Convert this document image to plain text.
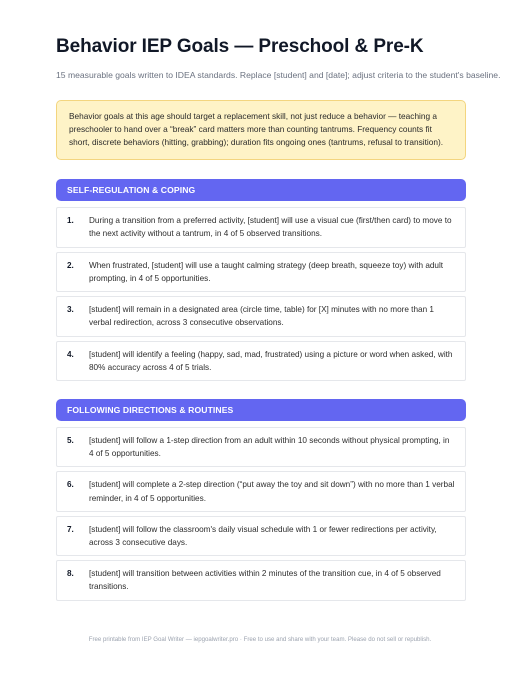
Behavior IEP Goals — Preschool & Pre-K
15 measurable goals written to IDEA standards. Replace [student] and [date]; adjust criteria to the student's baseline.
Behavior goals at this age should target a replacement skill, not just reduce a behavior — teaching a preschooler to hand over a “break” card matters more than counting tantrums. Frequency counts fit short, discrete behaviors (hitting, grabbing); duration fits ongoing ones (tantrums, refusal to transition).
SELF-REGULATION & COPING
1.	During a transition from a preferred activity, [student] will use a visual cue (first/then card) to move to the next activity without a tantrum, in 4 of 5 observed transitions.
2.	When frustrated, [student] will use a taught calming strategy (deep breath, squeeze toy) with adult prompting, in 4 of 5 opportunities.
3.	[student] will remain in a designated area (circle time, table) for [X] minutes with no more than 1 verbal redirection, across 3 consecutive observations.
4.	[student] will identify a feeling (happy, sad, mad, frustrated) using a picture or word when asked, with 80% accuracy across 4 of 5 trials.
FOLLOWING DIRECTIONS & ROUTINES
5.	[student] will follow a 1-step direction from an adult within 10 seconds without physical prompting, in 4 of 5 opportunities.
6.	[student] will complete a 2-step direction (“put away the toy and sit down”) with no more than 1 verbal reminder, in 4 of 5 opportunities.
7.	[student] will follow the classroom's daily visual schedule with 1 or fewer redirections per activity, across 3 consecutive days.
8.	[student] will transition between activities within 2 minutes of the transition cue, in 4 of 5 observed transitions.
Free printable from IEP Goal Writer — iepgoalwriter.pro · Free to use and share with your team. Please do not sell or republish.
